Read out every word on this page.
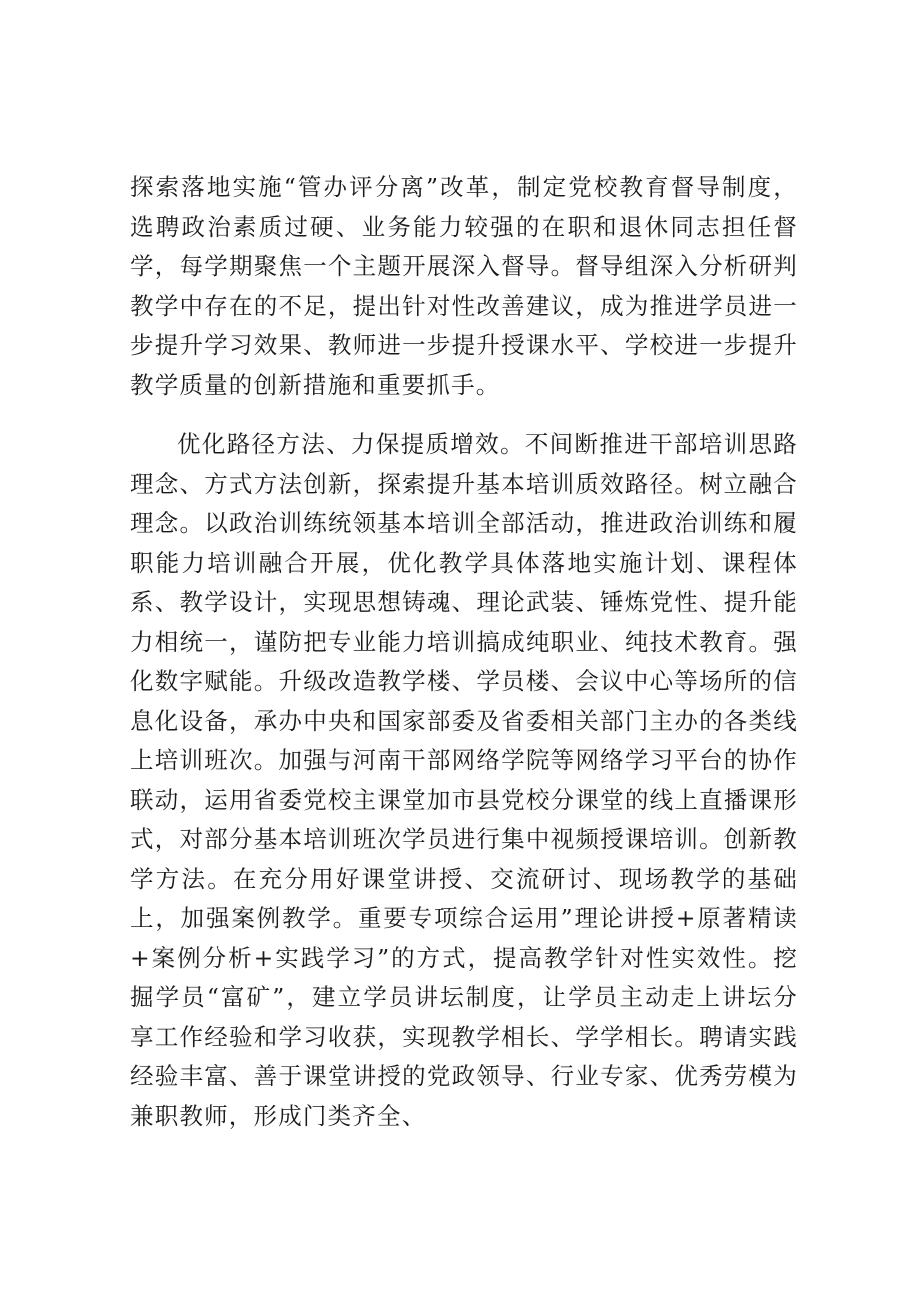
探索落地实施“管办评分离”改革，制定党校教育督导制度，选聘政治素质过硬、业务能力较强的在职和退休同志担任督学，每学期聚焦一个主题开展深入督导。督导组深入分析研判教学中存在的不足，提出针对性改善建议，成为推进学员进一步提升学习效果、教师进一步提升授课水平、学校进一步提升教学质量的创新措施和重要抓手。

优化路径方法、力保提质增效。不间断推进干部培训思路理念、方式方法创新，探索提升基本培训质效路径。树立融合理念。以政治训练统领基本培训全部活动，推进政治训练和履职能力培训融合开展，优化教学具体落地实施计划、课程体系、教学设计，实现思想铸魂、理论武装、锤炼党性、提升能力相统一，谨防把专业能力培训搞成纯职业、纯技术教育。强化数字赋能。升级改造教学楼、学员楼、会议中心等场所的信息化设备，承办中央和国家部委及省委相关部门主办的各类线上培训班次。加强与河南干部网络学院等网络学习平台的协作联动，运用省委党校主课堂加市县党校分课堂的线上直播课形式，对部分基本培训班次学员进行集中视频授课培训。创新教学方法。在充分用好课堂讲授、交流研讨、现场教学的基础上，加强案例教学。重要专项综合运用”理论讲授+原著精读+案例分析+实践学习”的方式，提高教学针对性实效性。挖掘学员“富矿”，建立学员讲坛制度，让学员主动走上讲坛分享工作经验和学习收获，实现教学相长、学学相长。聘请实践经验丰富、善于课堂讲授的党政领导、行业专家、优秀劳模为兼职教师，形成门类齐全、
